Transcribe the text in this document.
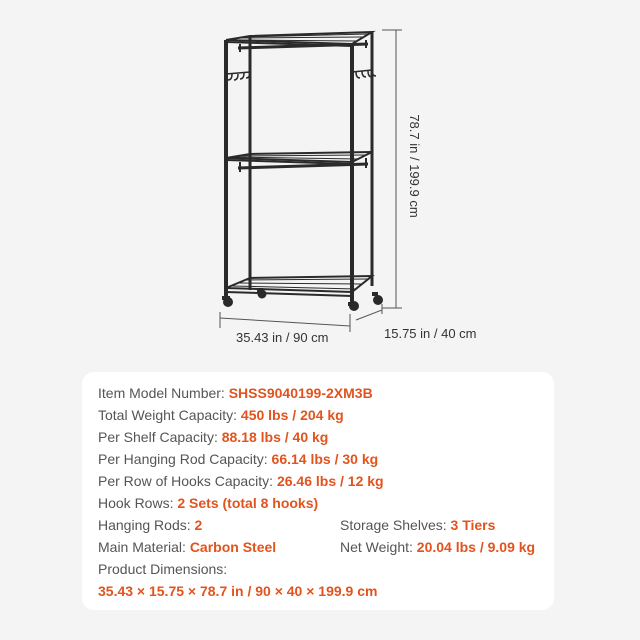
78.7 in / 199.9 cm
35.43 in / 90 cm	15.75 in / 40 cm
Item Model Number: SHSS9040199-2XM3B
Total Weight Capacity: 450 lbs / 204 kg
Per Shelf Capacity: 88.18 lbs / 40 kg
Per Hanging Rod Capacity: 66.14 lbs / 30 kg
Per Row of Hooks Capacity: 26.46 lbs / 12 kg
Hook Rows: 2 Sets (total 8 hooks)
Hanging Rods: 2	Storage Shelves: 3 Tiers
Main Material: Carbon Steel	Net Weight: 20.04 lbs / 9.09 kg
Product Dimensions:
35.43 × 15.75 × 78.7 in / 90 × 40 × 199.9 cm
